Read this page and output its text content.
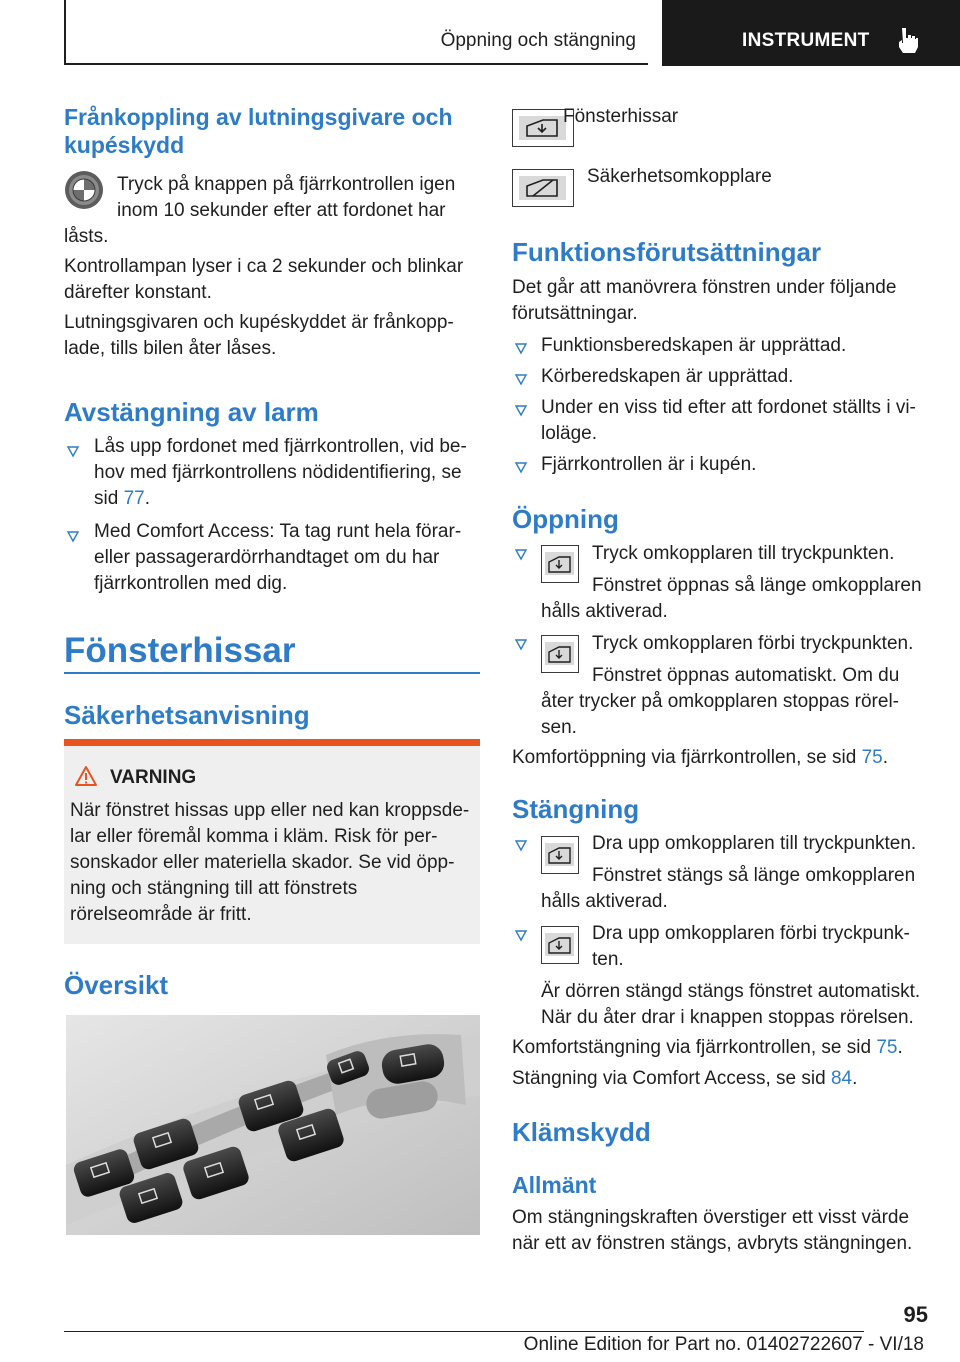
Öppning och stängning	INSTRUMENT
Frånkoppling av lutningsgivare och kupéskydd

Tryck på knappen på fjärrkontrollen igen

inom 10 sekunder efter att fordonet har

låsts.

Kontrollampan lyser i ca 2 sekunder och blinkar

därefter konstant.

Lutningsgivaren och kupéskyddet är frånkopp-

lade, tills bilen åter låses.

Avstängning av larm

Lås upp fordonet med fjärrkontrollen, vid be-

hov med fjärrkontrollens nödidentifiering, se

sid 77.

Med Comfort Access: Ta tag runt hela förar-

eller passagerardörrhandtaget om du har

fjärrkontrollen med dig.

Fönsterhissar
Säkerhetsanvisning
VARNING

När fönstret hissas upp eller ned kan kroppsde-

lar eller föremål komma i kläm. Risk för per-

sonskador eller materiella skador. Se vid öpp-

ning och stängning till att fönstrets

rörelseområde är fritt.

Översikt

Fönsterhissar

Säkerhetsomkopplare

Funktionsförutsättningar

Det går att manövrera fönstren under följande

förutsättningar.

Funktionsberedskapen är upprättad.

Körberedskapen är upprättad.

Under en viss tid efter att fordonet ställts i vi-

loläge.

Fjärrkontrollen är i kupén.

Öppning

Tryck omkopplaren till tryckpunkten.

Fönstret öppnas så länge omkopplaren

hålls aktiverad.

Tryck omkopplaren förbi tryckpunkten.

Fönstret öppnas automatiskt. Om du

åter trycker på omkopplaren stoppas rörel-

sen.

Komfortöppning via fjärrkontrollen, se sid 75.

Stängning

Dra upp omkopplaren till tryckpunkten.

Fönstret stängs så länge omkopplaren

hålls aktiverad.

Dra upp omkopplaren förbi tryckpunk-

ten.

Är dörren stängd stängs fönstret automatiskt.

När du åter drar i knappen stoppas rörelsen.

Komfortstängning via fjärrkontrollen, se sid 75.

Stängning via Comfort Access, se sid 84.

Klämskydd
Allmänt

Om stängningskraften överstiger ett visst värde

när ett av fönstren stängs, avbryts stängningen.

95
Online Edition for Part no. 01402722607 - VI/18
